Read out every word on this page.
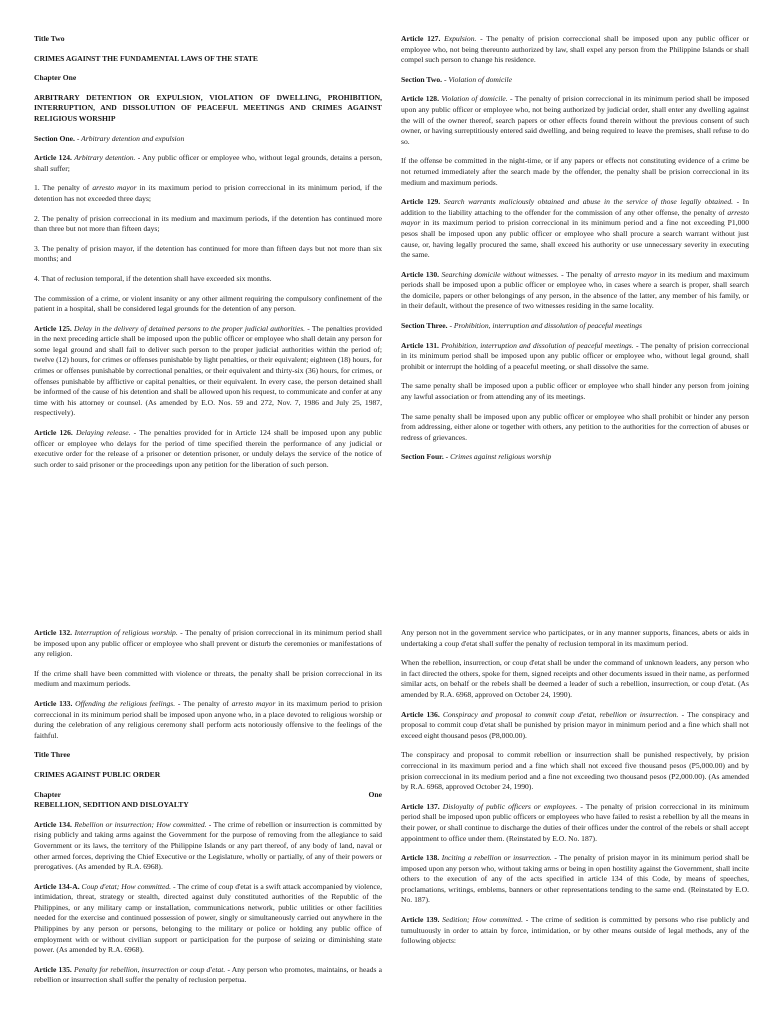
Title Two

CRIMES AGAINST THE FUNDAMENTAL LAWS OF THE STATE

Chapter One

ARBITRARY DETENTION OR EXPULSION, VIOLATION OF DWELLING, PROHIBITION, INTERRUPTION, AND DISSOLUTION OF PEACEFUL MEETINGS AND CRIMES AGAINST RELIGIOUS WORSHIP

Section One. - Arbitrary detention and expulsion

Article 124. Arbitrary detention. - Any public officer or employee who, without legal grounds, detains a person, shall suffer;

1. The penalty of arresto mayor in its maximum period to prision correccional in its minimum period, if the detention has not exceeded three days;

2. The penalty of prision correccional in its medium and maximum periods, if the detention has continued more than three but not more than fifteen days;

3. The penalty of prision mayor, if the detention has continued for more than fifteen days but not more than six months; and

4. That of reclusion temporal, if the detention shall have exceeded six months.

The commission of a crime, or violent insanity or any other ailment requiring the compulsory confinement of the patient in a hospital, shall be considered legal grounds for the detention of any person.

Article 125. Delay in the delivery of detained persons to the proper judicial authorities. - The penalties provided in the next preceding article shall be imposed upon the public officer or employee who shall detain any person for some legal ground and shall fail to deliver such person to the proper judicial authorities within the period of; twelve (12) hours, for crimes or offenses punishable by light penalties, or their equivalent; eighteen (18) hours, for crimes or offenses punishable by correctional penalties, or their equivalent and thirty-six (36) hours, for crimes, or offenses punishable by afflictive or capital penalties, or their equivalent. In every case, the person detained shall be informed of the cause of his detention and shall be allowed upon his request, to communicate and confer at any time with his attorney or counsel. (As amended by E.O. Nos. 59 and 272, Nov. 7, 1986 and July 25, 1987, respectively).

Article 126. Delaying release. - The penalties provided for in Article 124 shall be imposed upon any public officer or employee who delays for the period of time specified therein the performance of any judicial or executive order for the release of a prisoner or detention prisoner, or unduly delays the service of the notice of such order to said prisoner or the proceedings upon any petition for the liberation of such person.

Article 127. Expulsion. - The penalty of prision correccional shall be imposed upon any public officer or employee who, not being thereunto authorized by law, shall expel any person from the Philippine Islands or shall compel such person to change his residence.

Section Two. - Violation of domicile

Article 128. Violation of domicile. - The penalty of prision correccional in its minimum period shall be imposed upon any public officer or employee who, not being authorized by judicial order, shall enter any dwelling against the will of the owner thereof, search papers or other effects found therein without the previous consent of such owner, or having surreptitiously entered said dwelling, and being required to leave the premises, shall refuse to do so.

If the offense be committed in the night-time, or if any papers or effects not constituting evidence of a crime be not returned immediately after the search made by the offender, the penalty shall be prision correccional in its medium and maximum periods.

Article 129. Search warrants maliciously obtained and abuse in the service of those legally obtained. - In addition to the liability attaching to the offender for the commission of any other offense, the penalty of arresto mayor in its maximum period to prision correccional in its minimum period and a fine not exceeding P1,000 pesos shall be imposed upon any public officer or employee who shall procure a search warrant without just cause, or, having legally procured the same, shall exceed his authority or use unnecessary severity in executing the same.

Article 130. Searching domicile without witnesses. - The penalty of arresto mayor in its medium and maximum periods shall be imposed upon a public officer or employee who, in cases where a search is proper, shall search the domicile, papers or other belongings of any person, in the absence of the latter, any member of his family, or in their default, without the presence of two witnesses residing in the same locality.

Section Three. - Prohibition, interruption and dissolution of peaceful meetings

Article 131. Prohibition, interruption and dissolution of peaceful meetings. - The penalty of prision correccional in its minimum period shall be imposed upon any public officer or employee who, without legal ground, shall prohibit or interrupt the holding of a peaceful meeting, or shall dissolve the same.

The same penalty shall be imposed upon a public officer or employee who shall hinder any person from joining any lawful association or from attending any of its meetings.

The same penalty shall be imposed upon any public officer or employee who shall prohibit or hinder any person from addressing, either alone or together with others, any petition to the authorities for the correction of abuses or redress of grievances.

Section Four. - Crimes against religious worship

Article 132. Interruption of religious worship. - The penalty of prision correccional in its minimum period shall be imposed upon any public officer or employee who shall prevent or disturb the ceremonies or manifestations of any religion.

If the crime shall have been committed with violence or threats, the penalty shall be prision correccional in its medium and maximum periods.

Article 133. Offending the religious feelings. - The penalty of arresto mayor in its maximum period to prision correccional in its minimum period shall be imposed upon anyone who, in a place devoted to religious worship or during the celebration of any religious ceremony shall perform acts notoriously offensive to the feelings of the faithful.

Title Three

CRIMES AGAINST PUBLIC ORDER

Chapter	One

REBELLION, SEDITION AND DISLOYALTY

Article 134. Rebellion or insurrection; How committed. - The crime of rebellion or insurrection is committed by rising publicly and taking arms against the Government for the purpose of removing from the allegiance to said Government or its laws, the territory of the Philippine Islands or any part thereof, of any body of land, naval or other armed forces, depriving the Chief Executive or the Legislature, wholly or partially, of any of their powers or prerogatives. (As amended by R.A. 6968).

Article 134-A. Coup d'etat; How committed. - The crime of coup d'etat is a swift attack accompanied by violence, intimidation, threat, strategy or stealth, directed against duly constituted authorities of the Republic of the Philippines, or any military camp or installation, communications network, public utilities or other facilities needed for the exercise and continued possession of power, singly or simultaneously carried out anywhere in the Philippines by any person or persons, belonging to the military or police or holding any public office of employment with or without civilian support or participation for the purpose of seizing or diminishing state power. (As amended by R.A. 6968).

Article 135. Penalty for rebellion, insurrection or coup d'etat. - Any person who promotes, maintains, or heads a rebellion or insurrection shall suffer the penalty of reclusion perpetua.

Any person not in the government service who participates, or in any manner supports, finances, abets or aids in undertaking a coup d'etat shall suffer the penalty of reclusion temporal in its maximum period.

When the rebellion, insurrection, or coup d'etat shall be under the command of unknown leaders, any person who in fact directed the others, spoke for them, signed receipts and other documents issued in their name, as performed similar acts, on behalf or the rebels shall be deemed a leader of such a rebellion, insurrection, or coup d'etat. (As amended by R.A. 6968, approved on October 24, 1990).

Article 136. Conspiracy and proposal to commit coup d'etat, rebellion or insurrection. - The conspiracy and proposal to commit coup d'etat shall be punished by prision mayor in minimum period and a fine which shall not exceed eight thousand pesos (P8,000.00).

The conspiracy and proposal to commit rebellion or insurrection shall be punished respectively, by prision correccional in its maximum period and a fine which shall not exceed five thousand pesos (P5,000.00) and by prision correccional in its medium period and a fine not exceeding two thousand pesos (P2,000.00). (As amended by R.A. 6968, approved October 24, 1990).

Article 137. Disloyalty of public officers or employees. - The penalty of prision correccional in its minimum period shall be imposed upon public officers or employees who have failed to resist a rebellion by all the means in their power, or shall continue to discharge the duties of their offices under the control of the rebels or shall accept appointment to office under them. (Reinstated by E.O. No. 187).

Article 138. Inciting a rebellion or insurrection. - The penalty of prision mayor in its minimum period shall be imposed upon any person who, without taking arms or being in open hostility against the Government, shall incite others to the execution of any of the acts specified in article 134 of this Code, by means of speeches, proclamations, writings, emblems, banners or other representations tending to the same end. (Reinstated by E.O. No. 187).

Article 139. Sedition; How committed. - The crime of sedition is committed by persons who rise publicly and tumultuously in order to attain by force, intimidation, or by other means outside of legal methods, any of the following objects:
